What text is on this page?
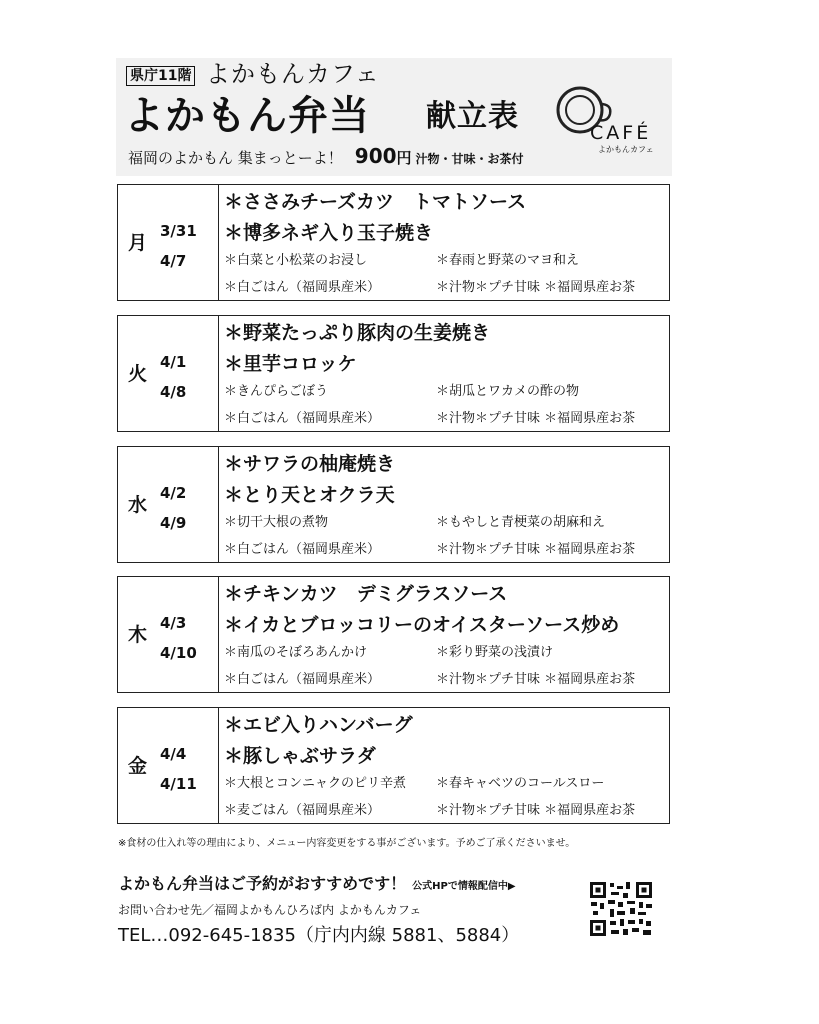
県庁11階 よかもんカフェ
よかもん弁当 献立表
福岡のよかもん 集まっとーよ！ 900円 汁物・甘味・お茶付
CAFÉ
よかもんカフェ
月
3/31
4/7
＊ささみチーズカツ　トマトソース
＊博多ネギ入り玉子焼き
＊白菜と小松菜のお浸し	＊春雨と野菜のマヨ和え
＊白ごはん（福岡県産米）	＊汁物＊プチ甘味 ＊福岡県産お茶
火
4/1
4/8
＊野菜たっぷり豚肉の生姜焼き
＊里芋コロッケ
＊きんぴらごぼう	＊胡瓜とワカメの酢の物
＊白ごはん（福岡県産米）	＊汁物＊プチ甘味 ＊福岡県産お茶
水
4/2
4/9
＊サワラの柚庵焼き
＊とり天とオクラ天
＊切干大根の煮物	＊もやしと青梗菜の胡麻和え
＊白ごはん（福岡県産米）	＊汁物＊プチ甘味 ＊福岡県産お茶
木
4/3
4/10
＊チキンカツ　デミグラスソース
＊イカとブロッコリーのオイスターソース炒め
＊南瓜のそぼろあんかけ	＊彩り野菜の浅漬け
＊白ごはん（福岡県産米）	＊汁物＊プチ甘味 ＊福岡県産お茶
金
4/4
4/11
＊エビ入りハンバーグ
＊豚しゃぶサラダ
＊大根とコンニャクのピリ辛煮 ＊春キャベツのコールスロー
＊麦ごはん（福岡県産米）	＊汁物＊プチ甘味 ＊福岡県産お茶
※食材の仕入れ等の理由により、メニュー内容変更をする事がございます。予めご了承くださいませ。
よかもん弁当はご予約がおすすめです！ 公式HPで情報配信中▶
お問い合わせ先／福岡よかもんひろば内 よかもんカフェ
TEL…092-645-1835（庁内内線 5881、5884）
